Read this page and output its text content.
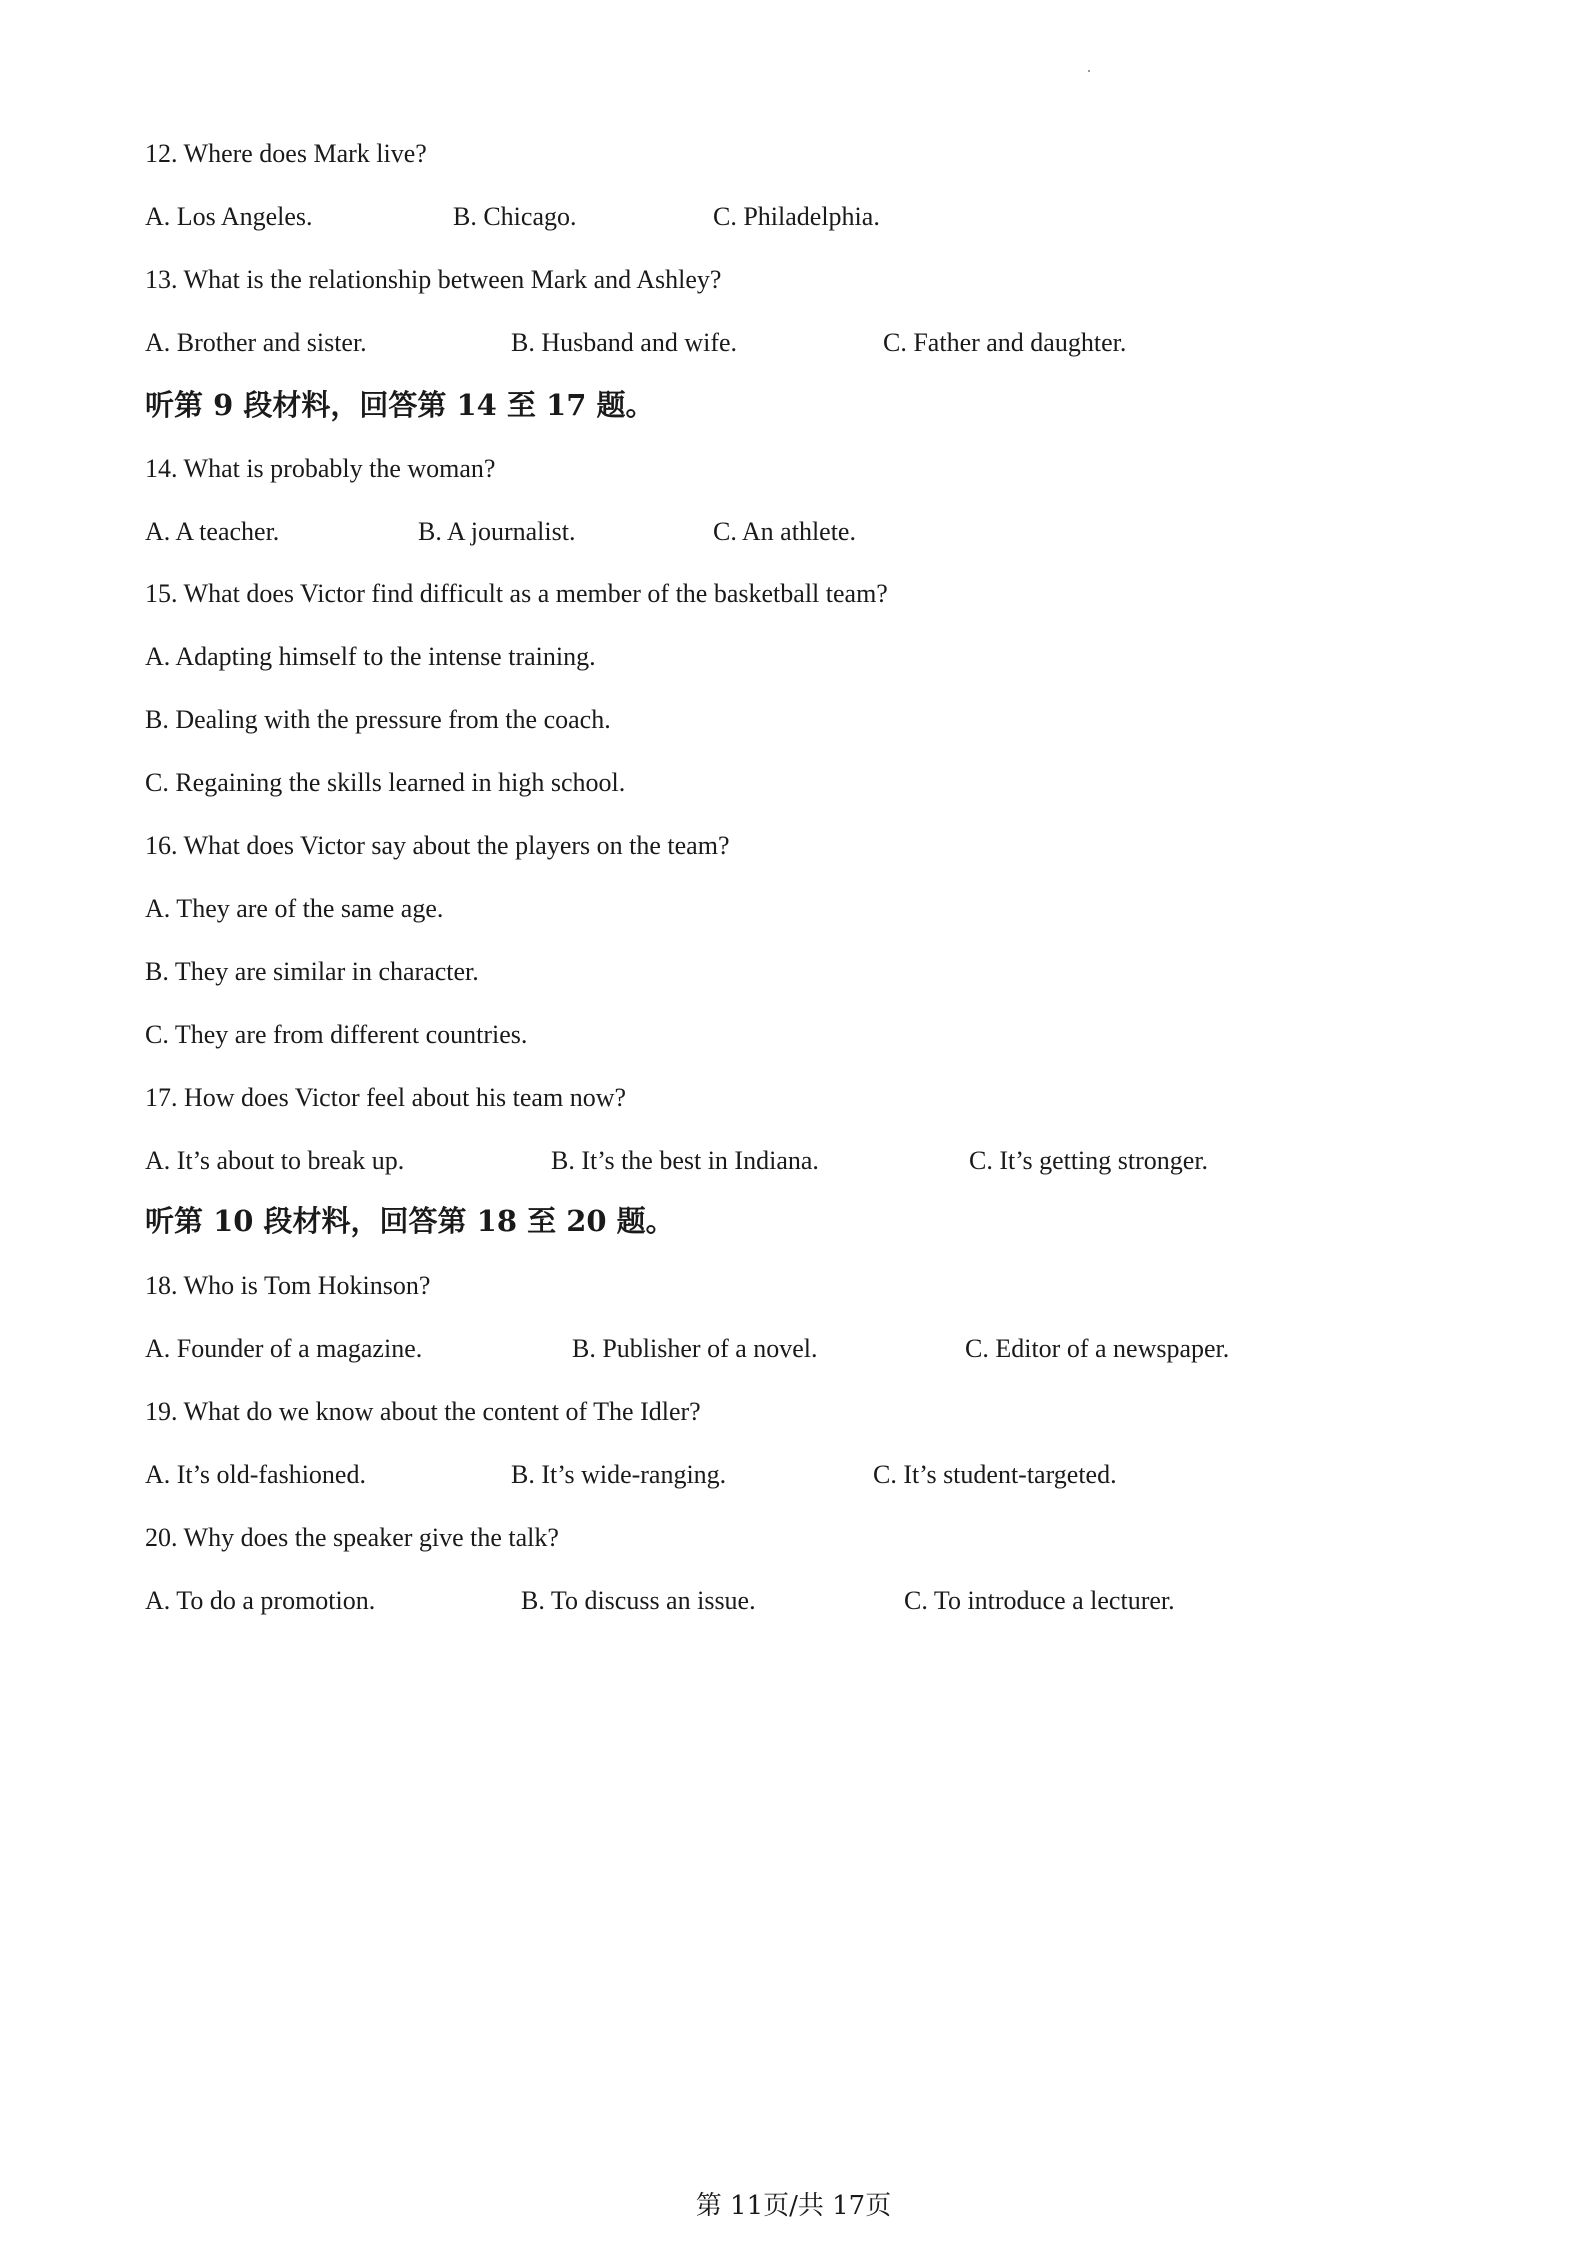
12. Where does Mark live?
A. Los Angeles.	B. Chicago.	C. Philadelphia.
13. What is the relationship between Mark and Ashley?
A. Brother and sister.	B. Husband and wife.	C. Father and daughter.
听第 9 段材料，回答第 14 至 17 题。
14. What is probably the woman?
A. A teacher.	B. A journalist.	C. An athlete.
15. What does Victor find difficult as a member of the basketball team?
A. Adapting himself to the intense training.
B. Dealing with the pressure from the coach.
C. Regaining the skills learned in high school.
16. What does Victor say about the players on the team?
A. They are of the same age.
B. They are similar in character.
C. They are from different countries.
17. How does Victor feel about his team now?
A. It’s about to break up.	B. It’s the best in Indiana.	C. It’s getting stronger.
听第 10 段材料，回答第 18 至 20 题。
18. Who is Tom Hokinson?
A. Founder of a magazine.	B. Publisher of a novel.	C. Editor of a newspaper.
19. What do we know about the content of The Idler?
A. It’s old-fashioned.	B. It’s wide-ranging.	C. It’s student-targeted.
20. Why does the speaker give the talk?
A. To do a promotion.	B. To discuss an issue.	C. To introduce a lecturer.
第 11页/共 17页
